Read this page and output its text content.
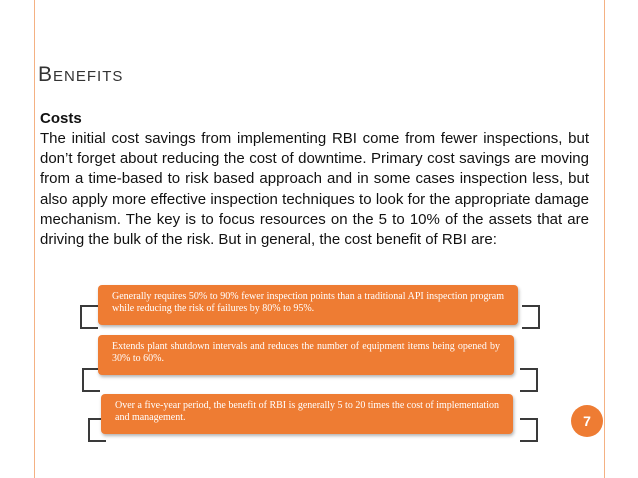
BENEFITS
Costs
The initial cost savings from implementing RBI come from fewer inspections, but don’t forget about reducing the cost of downtime. Primary cost savings are moving from a time-based to risk based approach and in some cases inspection less, but also apply more effective inspection techniques to look for the appropriate damage mechanism. The key is to focus resources on the 5 to 10% of the assets that are driving the bulk of the risk. But in general, the cost benefit of RBI are:
Generally requires 50% to 90% fewer inspection points than a traditional API inspection program while reducing the risk of failures by 80% to 95%.
Extends plant shutdown intervals and reduces the number of equipment items being opened by 30% to 60%.
Over a five-year period, the benefit of RBI is generally 5 to 20 times the cost of implementation and management.	7
